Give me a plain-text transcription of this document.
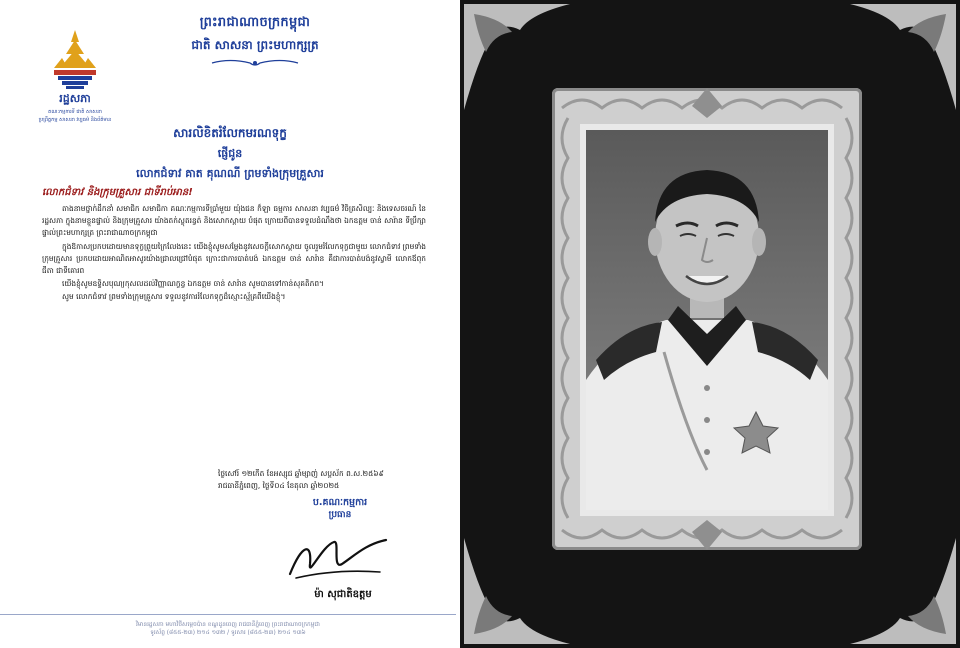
រដ្ឋសភា
គណៈកម្មការទី ជាតិ សាសនា
ប្រព្រឹត្តកម្ម សាសនា វប្បធម៌ និងព័ត៌មាន
ព្រះរាជាណាចក្រកម្ពុជា
ជាតិ សាសនា ព្រះមហាក្សត្រ
សារលិខិតរំលែកមរណទុក្ខ
ផ្ញើជូន
លោកជំទាវ គាត គុណណី ព្រមទាំងក្រុមគ្រួសារ
លោកជំទាវ និងក្រុមគ្រួសារ ជាទីរាប់អាន!

តាងនាមថ្នាក់ដឹកនាំ សមាជិក សមាជិកា គណៈកម្មការទីប្រាំមួយ យ៉ុងជន ក៏ឡា ធម្មការ សាសនា វប្បធម៌ វិចិត្រសិល្បៈ និងទេសចរណ៍ នៃរដ្ឋសភា ក្នុងនាមខ្លួនផ្ទាល់ និងក្រុមគ្រួសារ យ៉ាងតក់ស្លុតរន្ធត់ និងសោកស្តាយ បំផុត ក្រោយពីបានទទួលដំណឹងថា ឯកឧត្តម ចាន់ សារ៉ាន ទីប្រឹក្សាផ្ទាល់ព្រះមហាក្សត្រ ព្រះរាជាណាចក្រកម្ពុជា

ក្នុងឱកាសប្រកបដោយមានទុក្ខព្រួយក្រៃលែងនេះ យើងខ្ញុំសូមសម្តែងនូវសេចក្តីសោកស្តាយ ចូលរួមរំលែកទុក្ខជាមួយ លោកជំទាវ ព្រមទាំងក្រុមគ្រួសារ ប្រកបដោយអាណិតអាសូរយ៉ាងជ្រាលជ្រៅបំផុត ក្រោះជាការបាត់បង់ ឯកឧត្តម ចាន់ សារ៉ាន គឺជាការបាត់បង់នូវស្វាមី លោកឪពុក ជីតា ជាទីគោរព

យើងខ្ញុំសូមឧទ្ទិសបុណ្យកុសលដល់វិញ្ញាណក្ខន្ធ ឯកឧត្តម ចាន់ សារ៉ាន សូមបានទៅកាន់សុគតិភព។

សូម លោកជំទាវ ព្រមទាំងក្រុមគ្រួសារ ទទួលនូវការរំលែកទុក្ខដ៏ស្មោះស្ម័គ្រពីយើងខ្ញុំ។

ថ្ងៃសៅរ៍ ១២កើត ខែអស្សុជ ឆ្នាំម្សាញ់ សប្តស័ក ព.ស.២៥៦៩
រាជធានីភ្នំពេញ, ថ្ងៃទី០៤ ខែតុលា ឆ្នាំ២០២៥
ប.គណៈកម្មការ
ប្រធាន
ម៉ា សុជាតិឧត្តម
វិមានរដ្ឋសភា មហាវិថីសម្តេចប៉ាន ខណ្ឌដូនពេញ រាជធានីភ្នំពេញ ព្រះរាជាណាចក្រកម្ពុជា
ទូរស័ព្ទ (៨៥៥-២៣) ២១៤ ១៣២ / ទូរសារ (៨៥៥-២៣) ២១៤ ១៣៦
